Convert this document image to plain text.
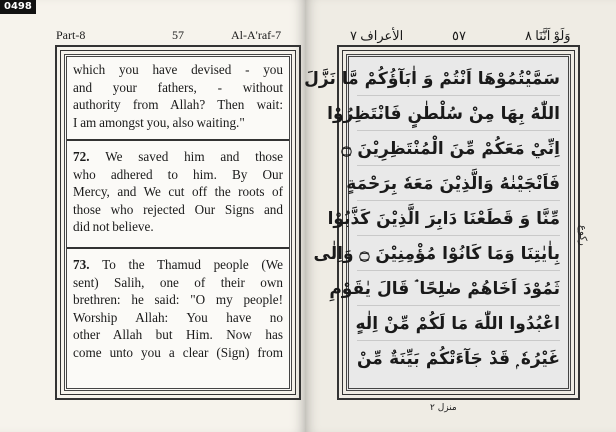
0498
Part-8	57	Al-A'raf-7
which you have devised - you
and your fathers, - without
authority from Allah? Then wait:
I am amongst you, also waiting."
72. We saved him and those
who adhered to him. By Our
Mercy, and We cut off the roots of
those who rejected Our Signs and
did not believe.
73. To the Thamud people (We
sent) Salih, one of their own
brethren: he said: "O my people!
Worship Allah: You have no
other Allah but Him. Now has
come unto you a clear (Sign) from
الأعراف ٧	٥٧	وَلَوْ اَنَّنَا ٨
سَمَّيْتُمُوْهَا اَنْتُمْ وَ اٰبَآؤُكُمْ مَّا نَزَّلَ
اللّٰهُ بِهَا مِنْ سُلْطٰنٍ فَانْتَظِرُوْا
اِنِّيْ مَعَكُمْ مِّنَ الْمُنْتَظِرِيْنَ ۝
فَاَنْجَيْنٰهُ وَالَّذِيْنَ مَعَهٗ بِرَحْمَةٍ
مِّنَّا وَ قَطَعْنَا دَابِرَ الَّذِيْنَ كَذَّبُوْا
بِاٰيٰتِنَا وَمَا كَانُوْا مُؤْمِنِيْنَ ۝ وَاِلٰى
ثَمُوْدَ اَخَاهُمْ صٰلِحًا ۘ قَالَ يٰقَوْمِ
اعْبُدُوا اللّٰهَ مَا لَكُمْ مِّنْ اِلٰهٍ
غَيْرُهٗ ۭ قَدْ جَآءَتْكُمْ بَيِّنَةٌ مِّنْ
ركوع
منزل ٢
